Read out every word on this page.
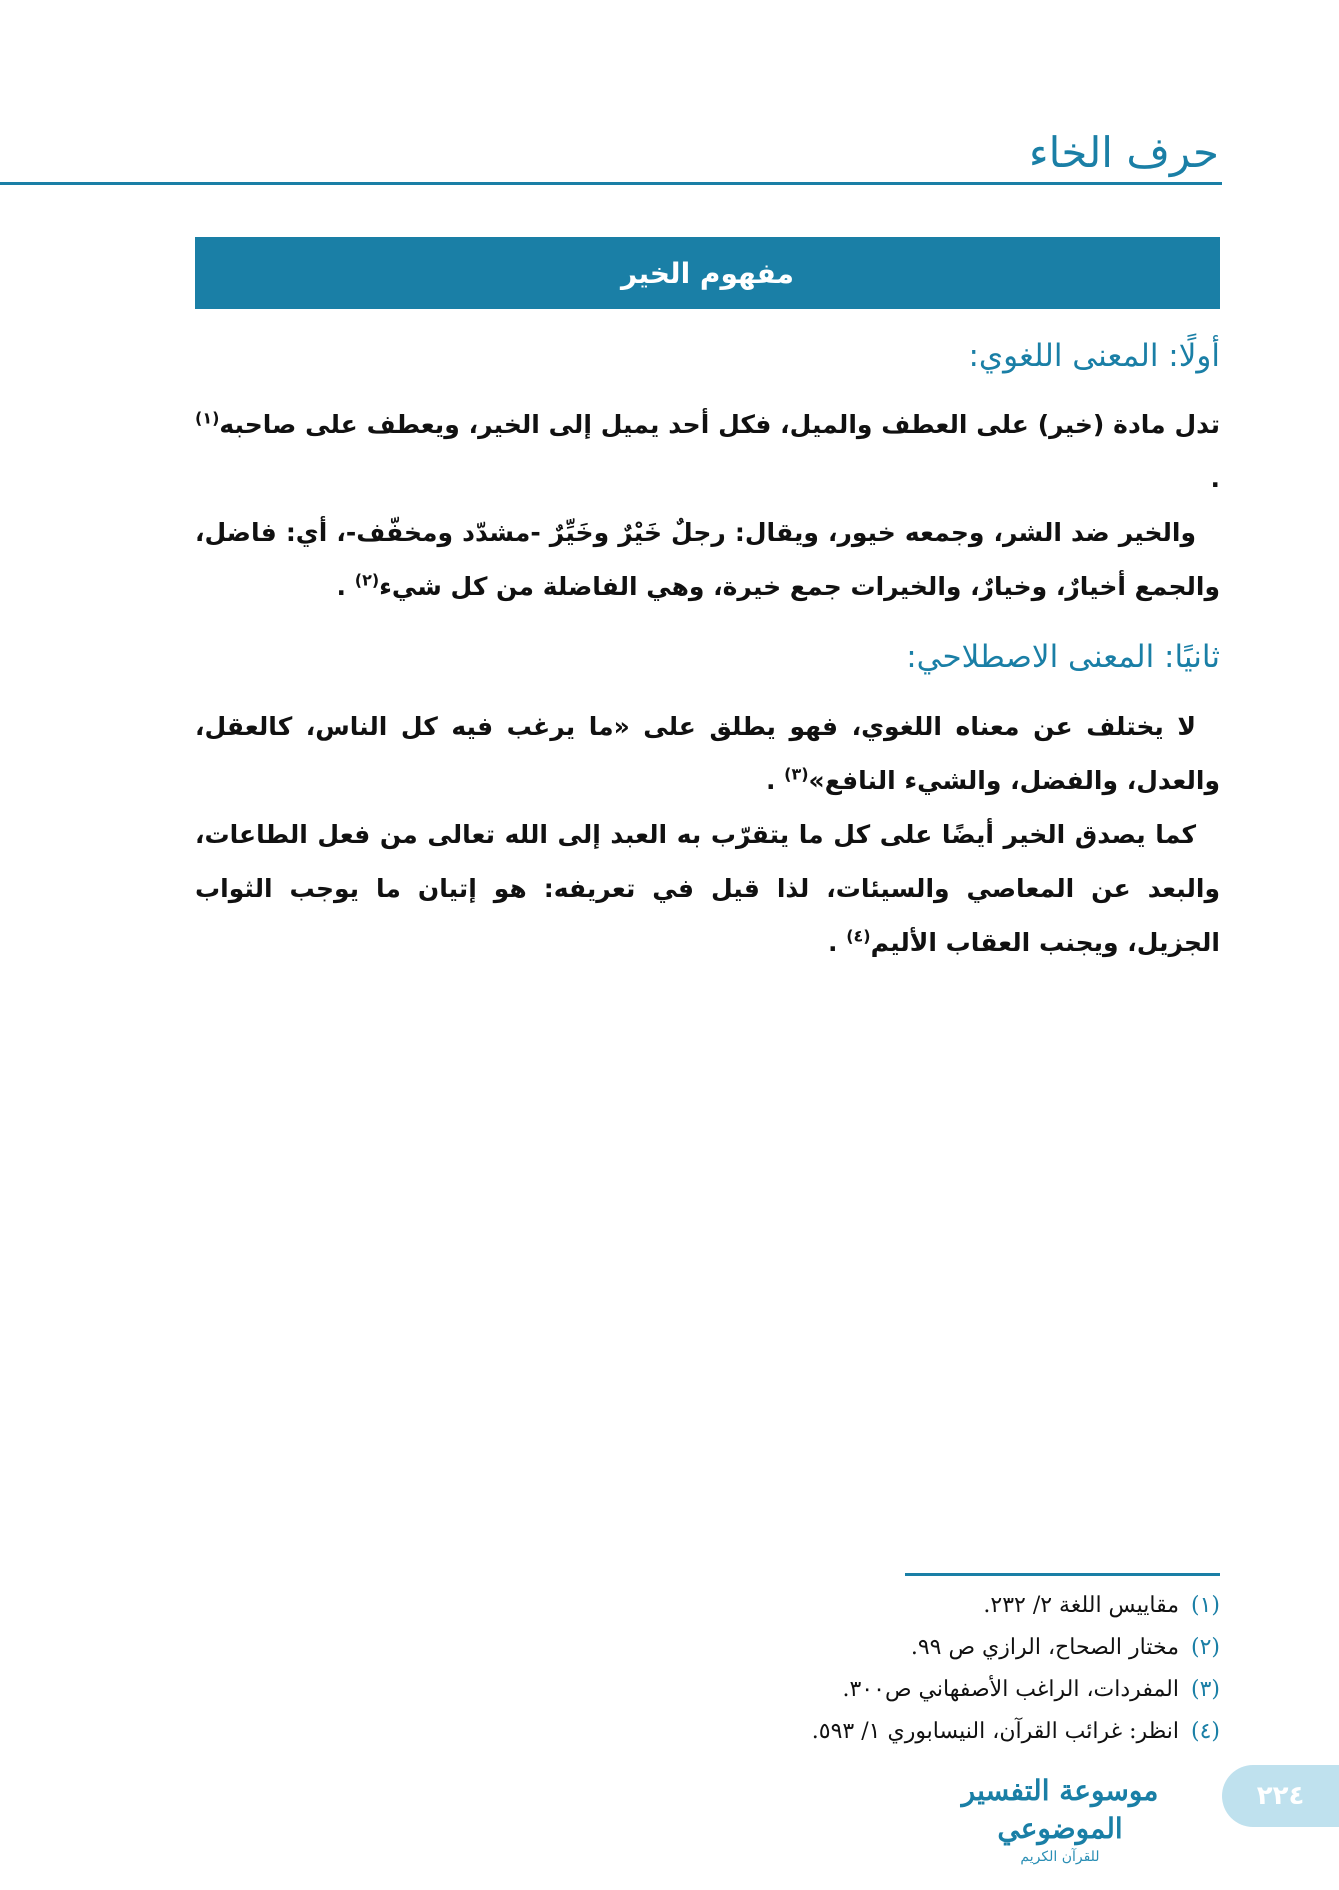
حرف الخاء
مفهوم الخير
أولًا: المعنى اللغوي:

تدل مادة (خير) على العطف والميل، فكل أحد يميل إلى الخير، ويعطف على صاحبه$^{(١)}$ .

والخير ضد الشر، وجمعه خيور، ويقال: رجلٌ خَيْرٌ وخَيِّرٌ -مشدّد ومخفّف-، أي: فاضل، والجمع أخيارٌ، وخيارٌ، والخيرات جمع خيرة، وهي الفاضلة من كل شيء$^{(٢)}$ .

ثانيًا: المعنى الاصطلاحي:

لا يختلف عن معناه اللغوي، فهو يطلق على «ما يرغب فيه كل الناس، كالعقل، والعدل، والفضل، والشيء النافع»$^{(٣)}$ .

كما يصدق الخير أيضًا على كل ما يتقرّب به العبد إلى الله تعالى من فعل الطاعات، والبعد عن المعاصي والسيئات، لذا قيل في تعريفه: هو إتيان ما يوجب الثواب الجزيل، ويجنب العقاب الأليم$^{(٤)}$ .

(١)مقاييس اللغة ٢/ ٢٣٢.
(٢)مختار الصحاح، الرازي ص ٩٩.
(٣)المفردات، الراغب الأصفهاني ص٣٠٠.
(٤)انظر: غرائب القرآن، النيسابوري ١/ ٥٩٣.
موسوعة التفسير الموضوعي
للقرآن الكريم
٢٢٤
